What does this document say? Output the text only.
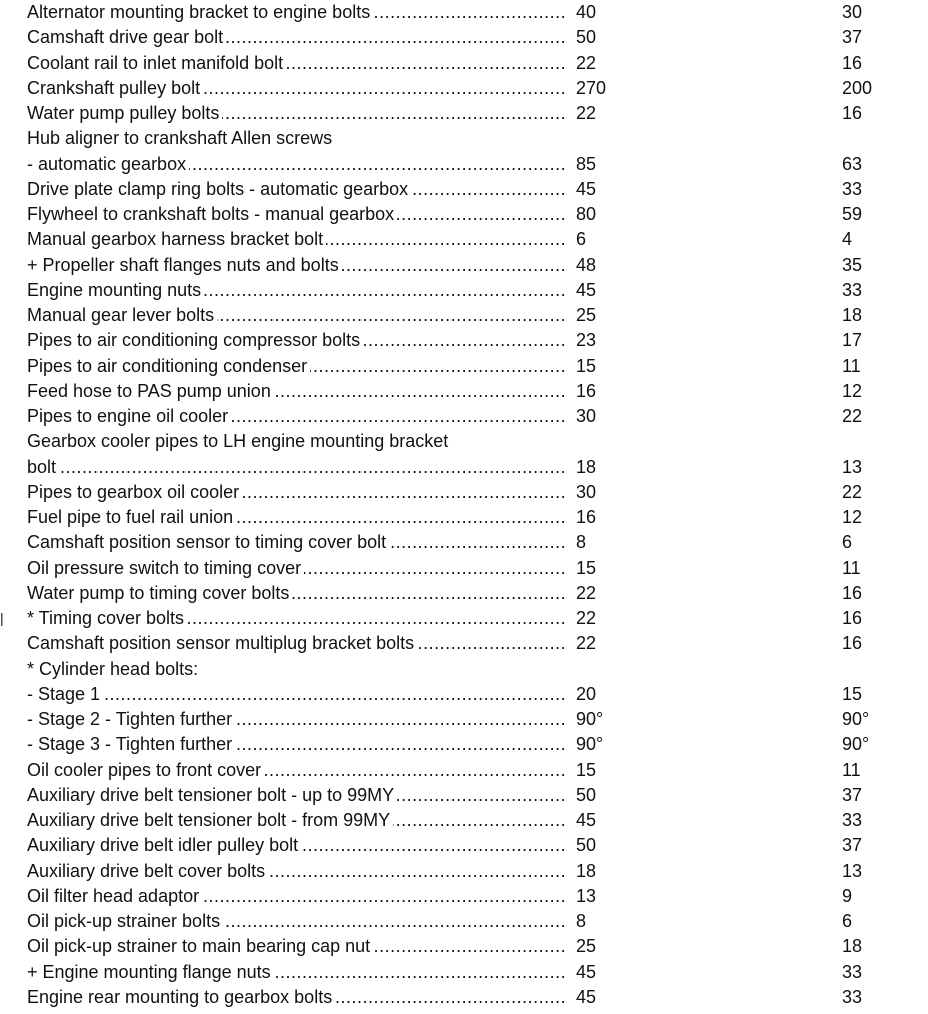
Alternator mounting bracket to engine bolts .....	40	30
Camshaft drive gear bolt .....	50	37
Coolant rail to inlet manifold bolt .....	22	16
Crankshaft pulley bolt .....	270	200
Water pump pulley bolts .....	22	16
Hub aligner to crankshaft Allen screws
- automatic gearbox .....	85	63
Drive plate clamp ring bolts - automatic gearbox .....	45	33
Flywheel to crankshaft bolts - manual gearbox .....	80	59
Manual gearbox harness bracket bolt .....	6	4
+ Propeller shaft flanges nuts and bolts .....	48	35
Engine mounting nuts .....	45	33
Manual gear lever bolts .....	25	18
Pipes to air conditioning compressor bolts .....	23	17
Pipes to air conditioning condenser .....	15	11
Feed hose to PAS pump union .....	16	12
Pipes to engine oil cooler .....	30	22
Gearbox cooler pipes to LH engine mounting bracket
bolt .....	18	13
Pipes to gearbox oil cooler .....	30	22
Fuel pipe to fuel rail union .....	16	12
Camshaft position sensor to timing cover bolt .....	8	6
Oil pressure switch to timing cover .....	15	11
Water pump to timing cover bolts .....	22	16
| * Timing cover bolts .....	22	16
Camshaft position sensor multiplug bracket bolts .....	22	16
* Cylinder head bolts:
- Stage 1 .....	20	15
- Stage 2 - Tighten further .....	90°	90°
- Stage 3 - Tighten further .....	90°	90°
Oil cooler pipes to front cover .....	15	11
Auxiliary drive belt tensioner bolt - up to 99MY .....	50	37
Auxiliary drive belt tensioner bolt - from 99MY .....	45	33
Auxiliary drive belt idler pulley bolt .....	50	37
Auxiliary drive belt cover bolts .....	18	13
Oil filter head adaptor .....	13	9
Oil pick-up strainer bolts .....	8	6
Oil pick-up strainer to main bearing cap nut .....	25	18
+ Engine mounting flange nuts .....	45	33
Engine rear mounting to gearbox bolts .....	45	33
